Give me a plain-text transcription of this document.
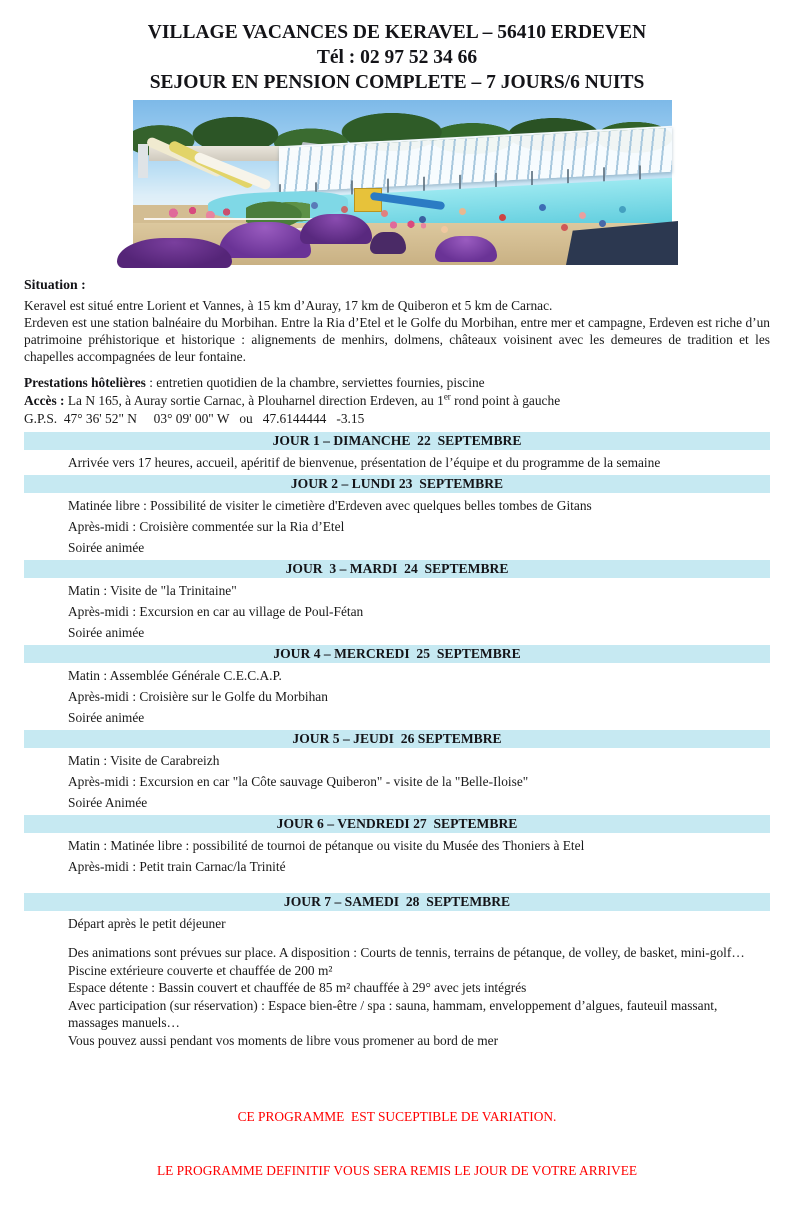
VILLAGE VACANCES DE KERAVEL – 56410 ERDEVEN
Tél : 02 97 52 34 66
SEJOUR EN PENSION COMPLETE – 7 JOURS/6 NUITS
Situation :

Keravel est situé entre Lorient et Vannes, à 15 km d’Auray, 17 km de Quiberon et 5 km de Carnac.

Erdeven est une station balnéaire du Morbihan. Entre la Ria d’Etel et le Golfe du Morbihan, entre mer et campagne, Erdeven est riche d’un patrimoine préhistorique et historique : alignements de menhirs, dolmens, châteaux voisinent avec les demeures de tradition et les chapelles accompagnées de leur fontaine.

Prestations hôtelières : entretien quotidien de la chambre, serviettes fournies, piscine

Accès : La N 165, à Auray sortie Carnac, à Plouharnel direction Erdeven, au 1er rond point à gauche

G.P.S.  47° 36' 52" N     03° 09' 00" W   ou   47.6144444   -3.15

JOUR 1 – DIMANCHE  22  SEPTEMBRE

Arrivée vers 17 heures, accueil, apéritif de bienvenue, présentation de l’équipe et du programme de la semaine

JOUR 2 – LUNDI 23  SEPTEMBRE

Matinée libre : Possibilité de visiter le cimetière d'Erdeven avec quelques belles tombes de Gitans

Après-midi : Croisière commentée sur la Ria d’Etel

Soirée animée

JOUR  3 – MARDI  24  SEPTEMBRE

Matin : Visite de "la Trinitaine"

Après-midi : Excursion en car au village de Poul-Fétan

Soirée animée

JOUR 4 – MERCREDI  25  SEPTEMBRE

Matin : Assemblée Générale C.E.C.A.P.

Après-midi : Croisière sur le Golfe du Morbihan

Soirée animée

JOUR 5 – JEUDI  26 SEPTEMBRE

Matin : Visite de Carabreizh

Après-midi : Excursion en car "la Côte sauvage Quiberon" - visite de la "Belle-Iloise"

Soirée Animée

JOUR 6 – VENDREDI 27  SEPTEMBRE

Matin : Matinée libre : possibilité de tournoi de pétanque ou visite du Musée des Thoniers à Etel

Après-midi : Petit train Carnac/la Trinité

JOUR 7 – SAMEDI  28  SEPTEMBRE

Départ après le petit déjeuner

Des animations sont prévues sur place. A disposition : Courts de tennis, terrains de pétanque, de volley, de basket, mini-golf…

Piscine extérieure couverte et chauffée de 200 m²

Espace détente : Bassin couvert et chauffée de 85 m² chauffée à 29° avec jets intégrés

Avec participation (sur réservation) : Espace bien-être / spa : sauna, hammam, enveloppement d’algues, fauteuil massant, massages manuels…

Vous pouvez aussi pendant vos moments de libre vous promener au bord de mer

CE PROGRAMME  EST SUCEPTIBLE DE VARIATION.

LE PROGRAMME DEFINITIF VOUS SERA REMIS LE JOUR DE VOTRE ARRIVEE
